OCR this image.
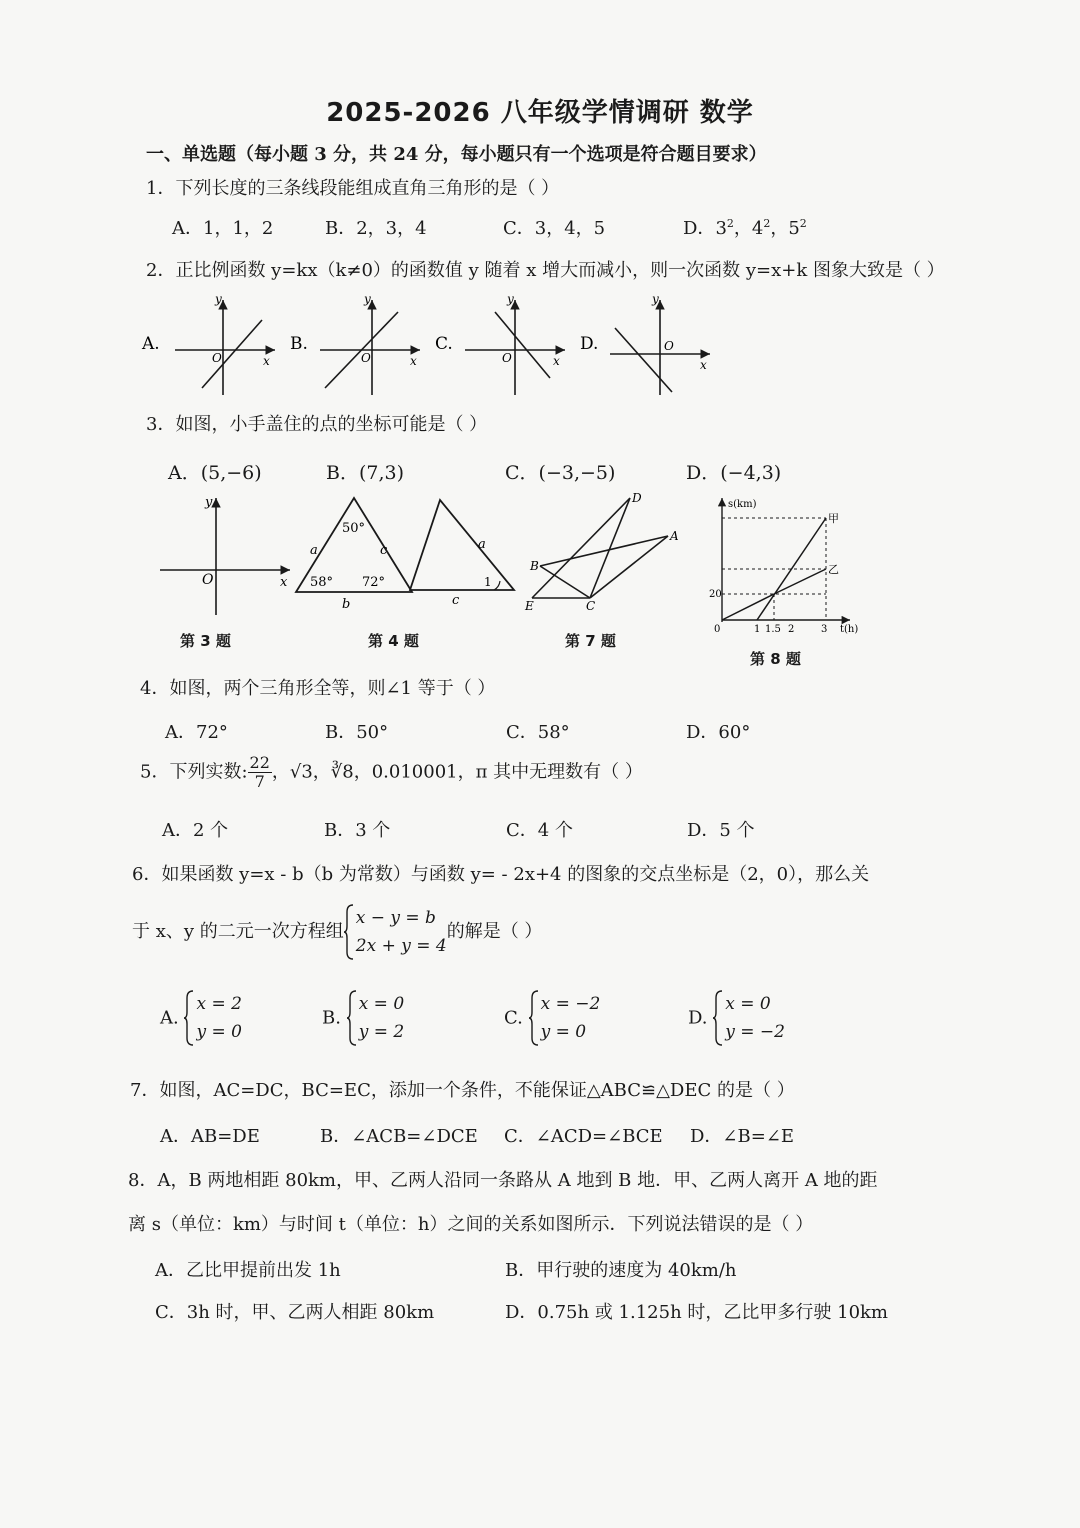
2025-2026 八年级学情调研 数学
一、单选题（每小题 3 分，共 24 分，每小题只有一个选项是符合题目要求）
1．下列长度的三条线段能组成直角三角形的是（ ）
A．1，1，2	B．2，3，4	C．3，4，5	D．$3^2$，$4^2$，$5^2$
2．正比例函数 y=kx（k≠0）的函数值 y 随着 x 增大而减小，则一次函数 y=x+k 图象大致是（ ）
A.
O	x
y
B.
O	x
y
C.
O	x
y
D.	O
x
y
3．如图，小手盖住的点的坐标可能是（ ）
A．(5,−6)	B．(7,3)	C．(−3,−5)	D．(−4,3)
O	x
y
50°
58° 72°
a	c
b
a
c
1
D
A
B
E	C
s(km)
t(h)
20
0	1 1.5 2	3
甲
乙
第 3 题	第 4 题	第 7 题
第 8 题
4．如图，两个三角形全等，则∠1 等于（ ）
A．72°	B．50°	C．58°	D．60°
5．下列实数: $\frac{22}{7}$ ，√3，∛8，0.010001，π 其中无理数有（ ）
A．2 个	B．3 个	C．4 个	D．5 个
6．如果函数 y=x - b（b 为常数）与函数 y= - 2x+4 的图象的交点坐标是（2，0），那么关
于 x、y 的二元一次方程组
x − y = b
2x + y = 4
的解是（ ）
A.
x = 2
y = 0
B.
x = 0
y = 2
C.
x = −2
y = 0
D.
x = 0
y = −2
7．如图，AC=DC，BC=EC，添加一个条件，不能保证△ABC≌△DEC 的是（ ）
A．AB=DE	B．∠ACB=∠DCE C．∠ACD=∠BCE D．∠B=∠E
8．A，B 两地相距 80km，甲、乙两人沿同一条路从 A 地到 B 地．甲、乙两人离开 A 地的距
离 s（单位：km）与时间 t（单位：h）之间的关系如图所示．下列说法错误的是（ ）
A．乙比甲提前出发 1h	B．甲行驶的速度为 40km/h
C．3h 时，甲、乙两人相距 80km	D．0.75h 或 1.125h 时，乙比甲多行驶 10km
